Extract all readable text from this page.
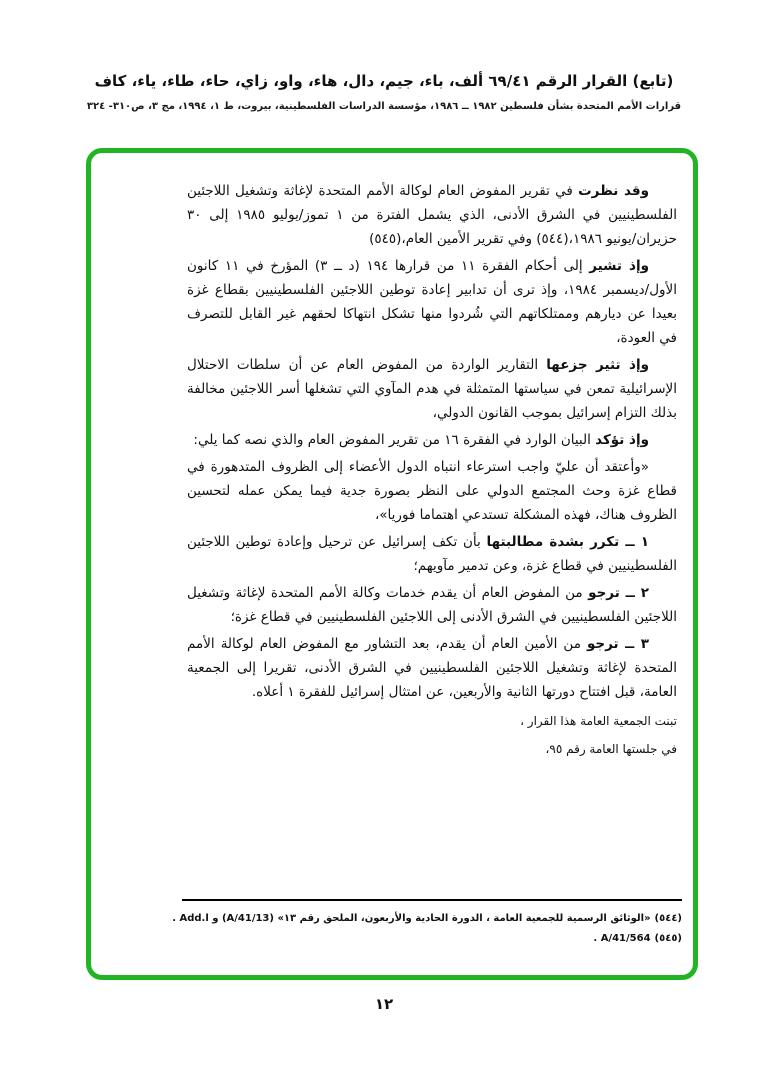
(تابع) القرار الرقم ٦٩/٤١ ألف، باء، جيم، دال، هاء، واو، زاي، حاء، طاء، ياء، كاف
قرارات الأمم المتحدة بشأن فلسطين ١٩٨٢ ــ ١٩٨٦، مؤسسة الدراسات الفلسطينية، بيروت، ط ١، ١٩٩٤، مج ٣، ص٣١٠- ٣٢٤

وقد نظرت في تقرير المفوض العام لوكالة الأمم المتحدة لإغاثة وتشغيل اللاجئين الفلسطينيين في الشرق الأدنى، الذي يشمل الفترة من ١ تموز/يوليو ١٩٨٥ إلى ٣٠ حزيران/يونيو ١٩٨٦،(٥٤٤) وفي تقرير الأمين العام،(٥٤٥)

وإذ تشير إلى أحكام الفقرة ١١ من قرارها ١٩٤ (د ــ ٣) المؤرخ في ١١ كانون الأول/ديسمبر ١٩٨٤، وإذ ترى أن تدابير إعادة توطين اللاجئين الفلسطينيين بقطاع غزة بعيدا عن ديارهم وممتلكاتهم التي شُردوا منها تشكل انتهاكا لحقهم غير القابل للتصرف في العودة،

وإذ تثير جزعها التقارير الواردة من المفوض العام عن أن سلطات الاحتلال الإسرائيلية تمعن في سياستها المتمثلة في هدم المآوي التي تشغلها أسر اللاجئين مخالفة بذلك التزام إسرائيل بموجب القانون الدولي،

وإذ تؤكد البيان الوارد في الفقرة ١٦ من تقرير المفوض العام والذي نصه كما يلي:

«وأعتقد أن عليّ واجب استرعاء انتباه الدول الأعضاء إلى الظروف المتدهورة في قطاع غزة وحث المجتمع الدولي على النظر بصورة جدية فيما يمكن عمله لتحسين الظروف هناك، فهذه المشكلة تستدعي اهتماما فوريا»،

١ ــ تكرر بشدة مطالبتها بأن تكف إسرائيل عن ترحيل وإعادة توطين اللاجئين الفلسطينيين في قطاع غزة، وعن تدمير مآويهم؛

٢ ــ ترجو من المفوض العام أن يقدم خدمات وكالة الأمم المتحدة لإغاثة وتشغيل اللاجئين الفلسطينيين في الشرق الأدنى إلى اللاجئين الفلسطينيين في قطاع غزة؛

٣ ــ ترجو من الأمين العام أن يقدم، بعد التشاور مع المفوض العام لوكالة الأمم المتحدة لإغاثة وتشغيل اللاجئين الفلسطينيين في الشرق الأدنى، تقريرا إلى الجمعية العامة، قبل افتتاح دورتها الثانية والأربعين، عن امتثال إسرائيل للفقرة ١ أعلاه.

تبنت الجمعية العامة هذا القرار ،

في جلستها العامة رقم ٩٥،

(٥٤٤)«الوثائق الرسمية للجمعية العامة ، الدورة الحادية والأربعون، الملحق رقم ١٣» (A/41/13) و Add.l .
(٥٤٥)A/41/564 .
١٢
